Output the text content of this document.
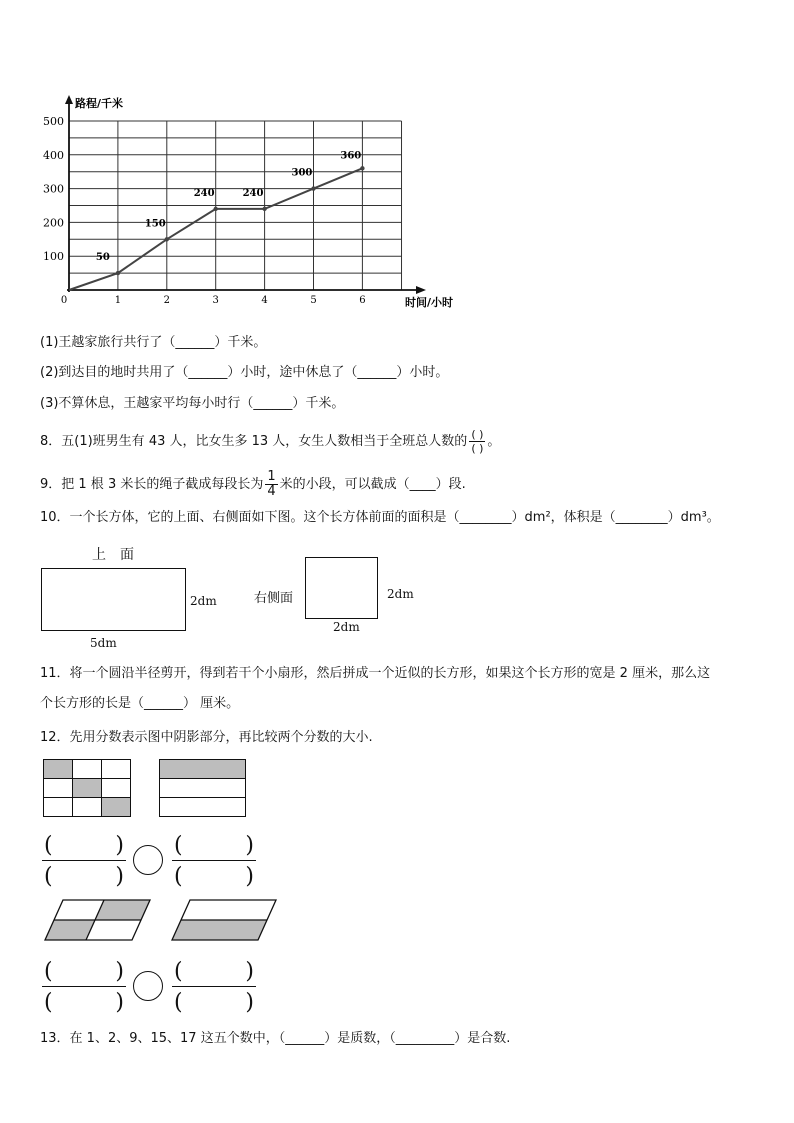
路程/千米
时间/小时
0	1	2	3	4	5	6
100
200
300
400
500
50
150
240	240
300
360
(1)王越家旅行共行了（______）千米。
(2)到达目的地时共用了（______）小时，途中休息了（______）小时。
(3)不算休息，王越家平均每小时行（______）千米。
8．五(1)班男生有 43 人，比女生多 13 人，女生人数相当于全班总人数的 $\frac{( )}{( )}$ 。
9．把 1 根 3 米长的绳子截成每段长为 $\frac{1}{4}$ 米的小段，可以截成（____）段.
10．一个长方体，它的上面、右侧面如下图。这个长方体前面的面积是（________）dm²，体积是（________）dm³。
上　面
2dm
5dm
右侧面	2dm
2dm
11．将一个圆沿半径剪开，得到若干个小扇形，然后拼成一个近似的长方形，如果这个长方形的宽是 2 厘米，那么这
个长方形的长是（______） 厘米。
12．先用分数表示图中阴影部分，再比较两个分数的大小.
(	)
(	)
(	)
(	)
(	)
(	)
(	)
(	)
13．在 1、2、9、15、17 这五个数中，（______）是质数，（_________）是合数.
